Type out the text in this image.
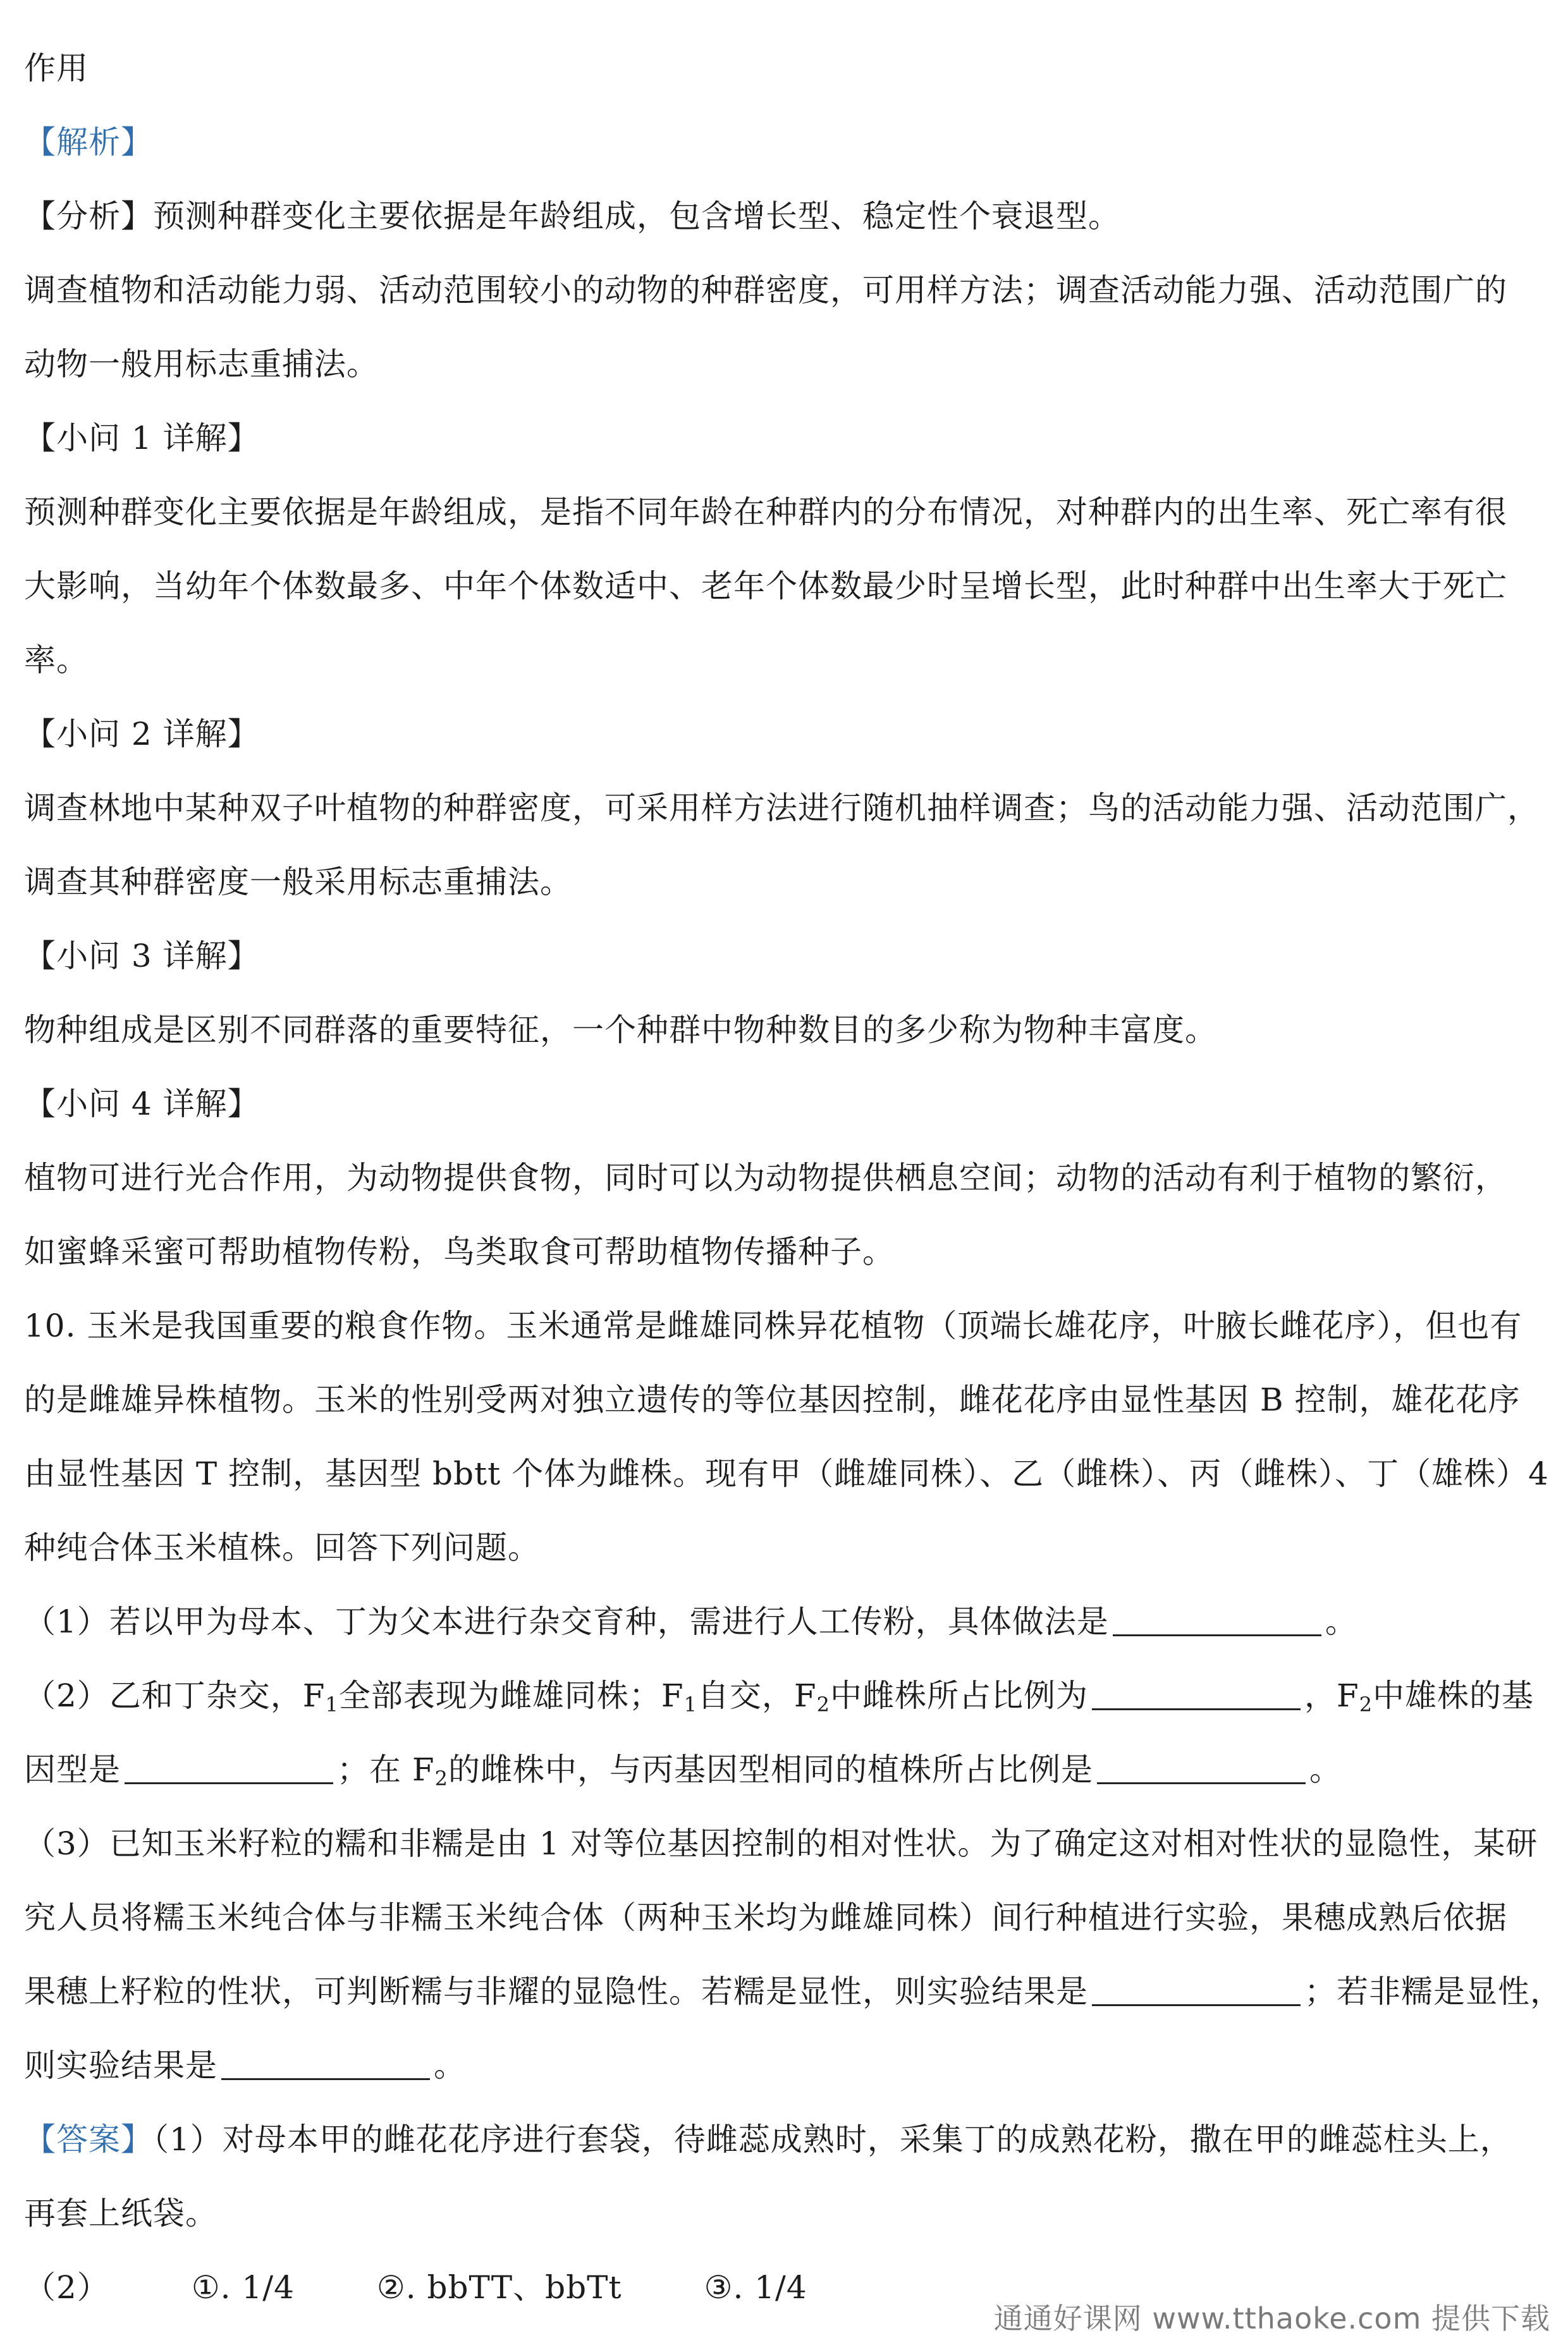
作用
【解析】
【分析】预测种群变化主要依据是年龄组成，包含增长型、稳定性个衰退型。
调查植物和活动能力弱、活动范围较小的动物的种群密度，可用样方法；调查活动能力强、活动范围广的
动物一般用标志重捕法。
【小问 1 详解】
预测种群变化主要依据是年龄组成，是指不同年龄在种群内的分布情况，对种群内的出生率、死亡率有很
大影响，当幼年个体数最多、中年个体数适中、老年个体数最少时呈增长型，此时种群中出生率大于死亡
率。
【小问 2 详解】
调查林地中某种双子叶植物的种群密度，可采用样方法进行随机抽样调查；鸟的活动能力强、活动范围广，
调查其种群密度一般采用标志重捕法。
【小问 3 详解】
物种组成是区别不同群落的重要特征，一个种群中物种数目的多少称为物种丰富度。
【小问 4 详解】
植物可进行光合作用，为动物提供食物，同时可以为动物提供栖息空间；动物的活动有利于植物的繁衍，
如蜜蜂采蜜可帮助植物传粉，鸟类取食可帮助植物传播种子。
10. 玉米是我国重要的粮食作物。玉米通常是雌雄同株异花植物（顶端长雄花序，叶腋长雌花序），但也有
的是雌雄异株植物。玉米的性别受两对独立遗传的等位基因控制，雌花花序由显性基因 B 控制，雄花花序
由显性基因 T 控制，基因型 bbtt 个体为雌株。现有甲（雌雄同株）、乙（雌株）、丙（雌株）、丁（雄株）4
种纯合体玉米植株。回答下列问题。
（1）若以甲为母本、丁为父本进行杂交育种，需进行人工传粉，具体做法是	。
（2）乙和丁杂交，$F_1$全部表现为雌雄同株；$F_1$自交，$F_2$中雌株所占比例为	，$F_2$中雄株的基
因型是	；在 $F_2$的雌株中，与丙基因型相同的植株所占比例是	。
（3）已知玉米籽粒的糯和非糯是由 1 对等位基因控制的相对性状。为了确定这对相对性状的显隐性，某研
究人员将糯玉米纯合体与非糯玉米纯合体（两种玉米均为雌雄同株）间行种植进行实验，果穗成熟后依据
果穗上籽粒的性状，可判断糯与非耀的显隐性。若糯是显性，则实验结果是	；若非糯是显性，
则实验结果是	。
【答案】（1）对母本甲的雌花花序进行套袋，待雌蕊成熟时，采集丁的成熟花粉，撒在甲的雌蕊柱头上，
再套上纸袋。
（2）	①. 1/4	②. bbTT、bbTt	③. 1/4
通通好课网 www.tthaoke.com 提供下载
